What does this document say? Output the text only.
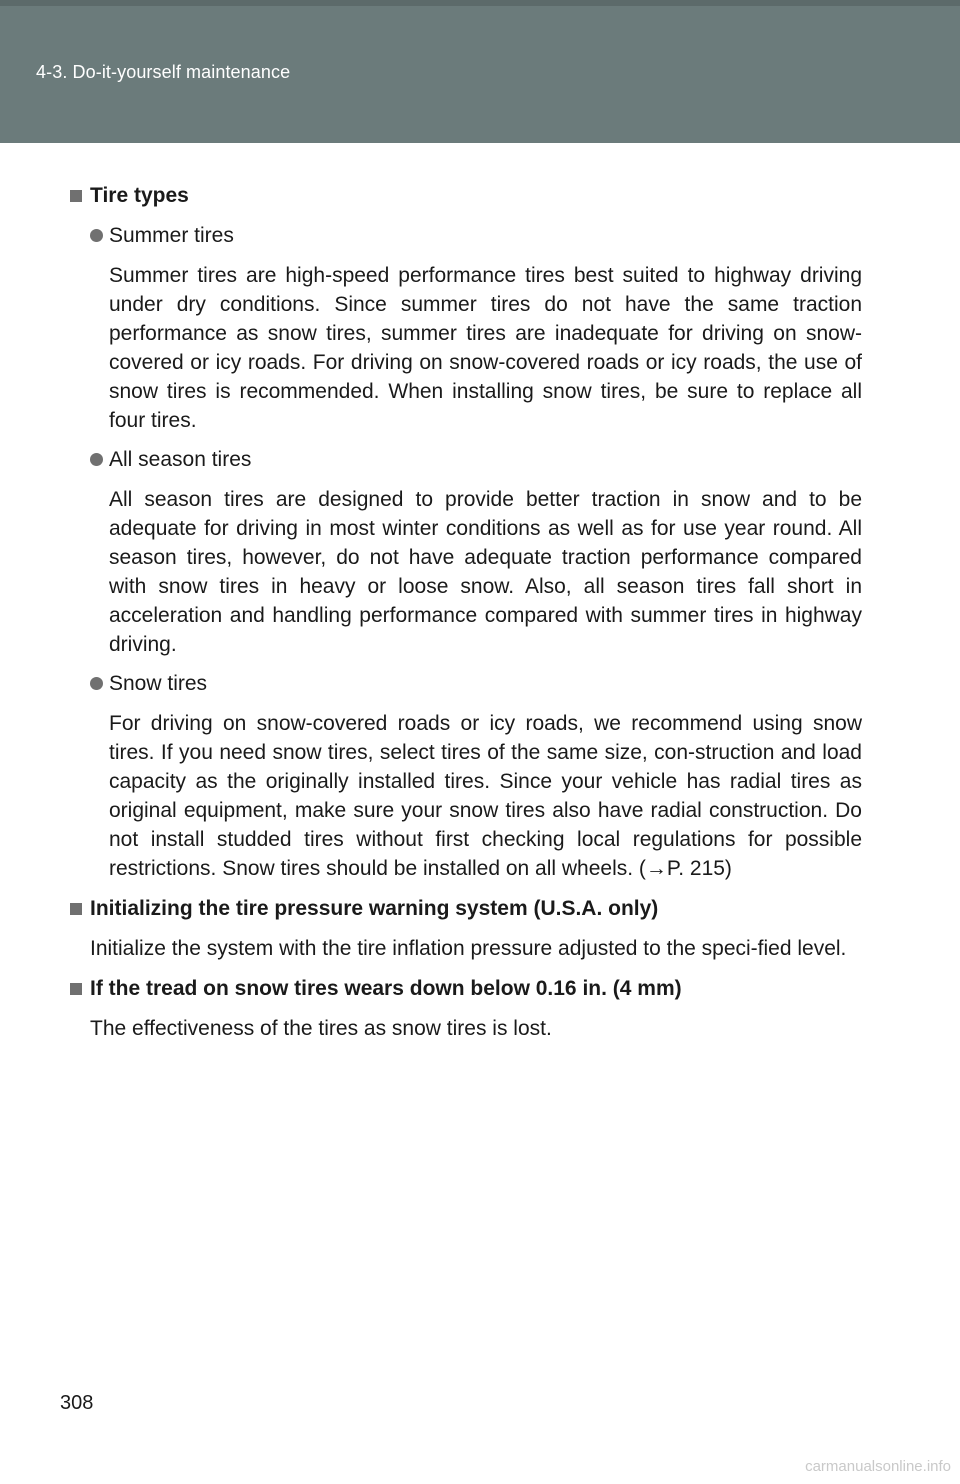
4-3. Do-it-yourself maintenance
Tire types
Summer tires

Summer tires are high-speed performance tires best suited to highway driving under dry conditions. Since summer tires do not have the same traction performance as snow tires, summer tires are inadequate for driving on snow-covered or icy roads. For driving on snow-covered roads or icy roads, the use of snow tires is recommended. When installing snow tires, be sure to replace all four tires.

All season tires

All season tires are designed to provide better traction in snow and to be adequate for driving in most winter conditions as well as for use year round. All season tires, however, do not have adequate traction performance compared with snow tires in heavy or loose snow. Also, all season tires fall short in acceleration and handling performance compared with summer tires in highway driving.

Snow tires

For driving on snow-covered roads or icy roads, we recommend using snow tires. If you need snow tires, select tires of the same size, con-struction and load capacity as the originally installed tires. Since your vehicle has radial tires as original equipment, make sure your snow tires also have radial construction. Do not install studded tires without first checking local regulations for possible restrictions. Snow tires should be installed on all wheels. (→P. 215)

Initializing the tire pressure warning system (U.S.A. only)

Initialize the system with the tire inflation pressure adjusted to the speci-fied level.

If the tread on snow tires wears down below 0.16 in. (4 mm)

The effectiveness of the tires as snow tires is lost.

308
carmanualsonline.info
